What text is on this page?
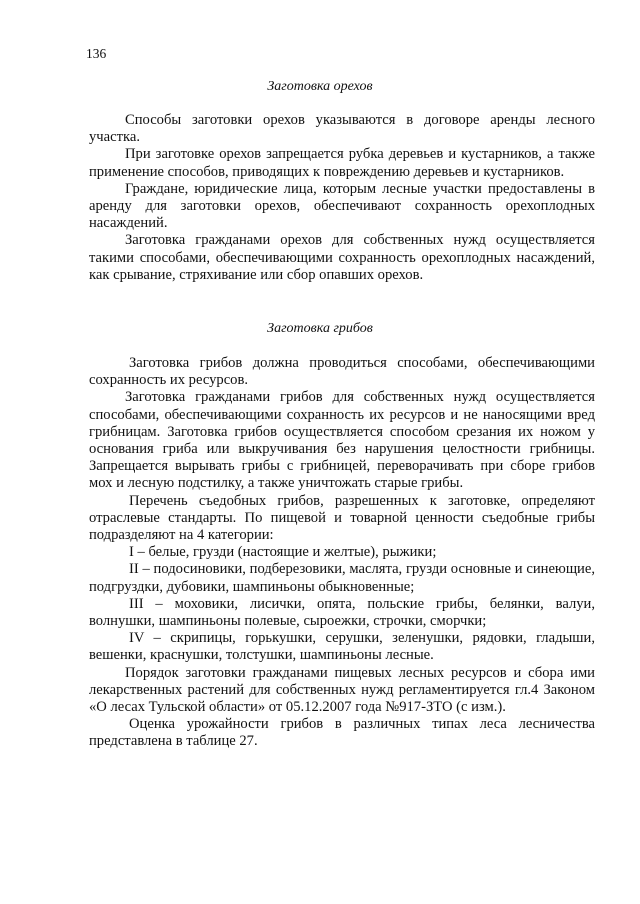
136
Заготовка орехов

Способы заготовки орехов указываются в договоре аренды лесного участка.

При заготовке орехов запрещается рубка деревьев и кустарников, а также применение способов, приводящих к повреждению деревьев и кустарников.

Граждане, юридические лица, которым лесные участки предоставлены в аренду для заготовки орехов, обеспечивают сохранность орехоплодных насаждений.

Заготовка гражданами орехов для собственных нужд осуществляется такими способами, обеспечивающими сохранность орехоплодных насаждений, как срывание, стряхивание или сбор опавших орехов.

Заготовка грибов

Заготовка грибов должна проводиться способами, обеспечивающими сохранность их ресурсов.

Заготовка гражданами грибов для собственных нужд осуществляется способами, обеспечивающими сохранность их ресурсов и не наносящими вред грибницам. Заготовка грибов осуществляется способом срезания их ножом у основания гриба или выкручивания без нарушения целостности грибницы. Запрещается вырывать грибы с грибницей, переворачивать при сборе грибов мох и лесную подстилку, а также уничтожать старые грибы.

Перечень съедобных грибов, разрешенных к заготовке, определяют отраслевые стандарты. По пищевой и товарной ценности съедобные грибы подразделяют на 4 категории:

I – белые, грузди (настоящие и желтые), рыжики;

II – подосиновики, подберезовики, маслята, грузди основные и синеющие, подгруздки, дубовики, шампиньоны обыкновенные;

III – моховики, лисички, опята, польские грибы, белянки, валуи, волнушки, шампиньоны полевые, сыроежки, строчки, сморчки;

IV – скрипицы, горькушки, серушки, зеленушки, рядовки, гладыши, вешенки, краснушки, толстушки, шампиньоны лесные.

Порядок заготовки гражданами пищевых лесных ресурсов и сбора ими лекарственных растений для собственных нужд регламентируется гл.4 Законом «О лесах Тульской области» от 05.12.2007 года №917-ЗТО (с изм.).

Оценка урожайности грибов в различных типах леса лесничества представлена в таблице 27.
